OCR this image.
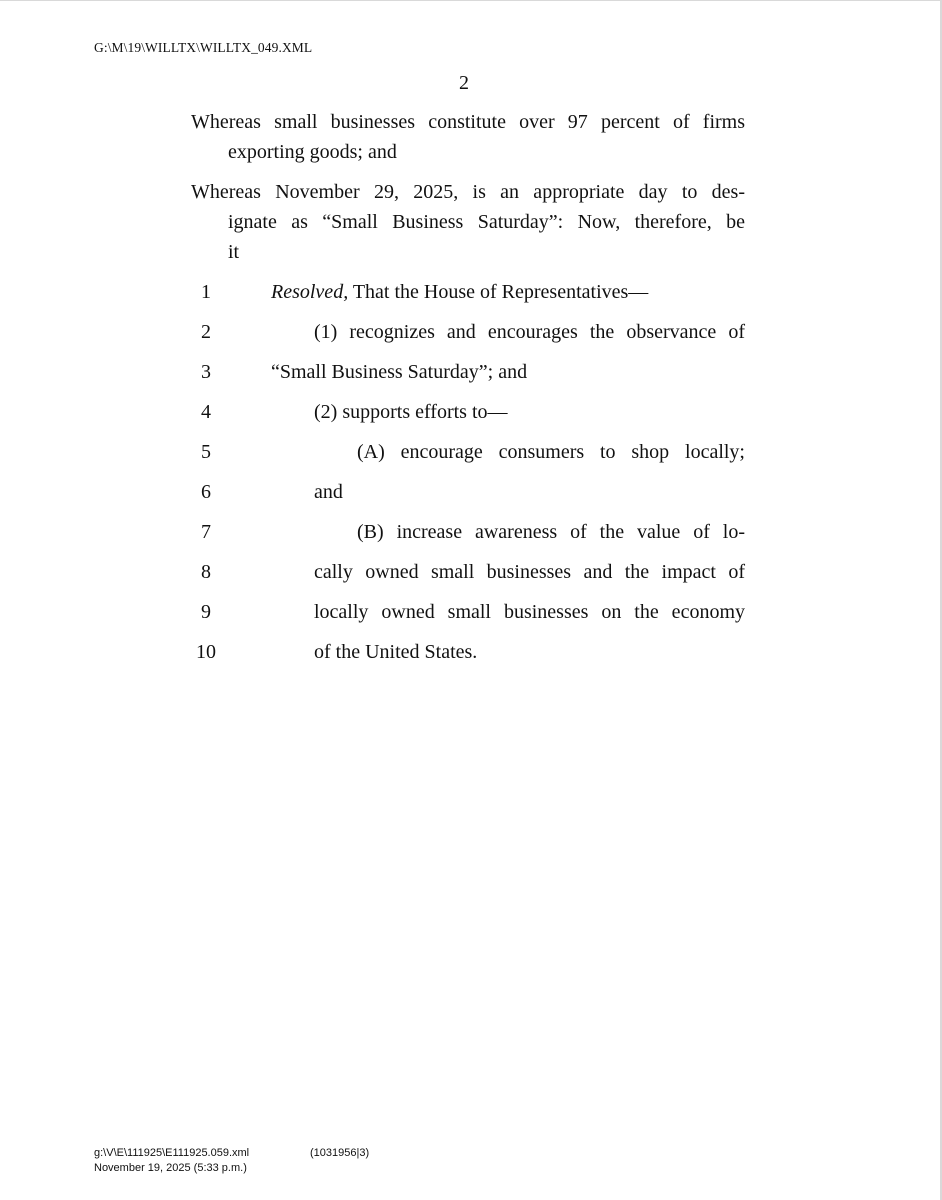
G:\M\19\WILLTX\WILLTX_049.XML
2
Whereas small businesses constitute over 97 percent of firms
exporting goods; and
Whereas November 29, 2025, is an appropriate day to des-
ignate as “Small Business Saturday”: Now, therefore, be
it
1
2
3
4
5
6
7
8
9
10
Resolved, That the House of Representatives—
(1) recognizes and encourages the observance of
“Small Business Saturday”; and
(2) supports efforts to—
(A) encourage consumers to shop locally;
and
(B) increase awareness of the value of lo-
cally owned small businesses and the impact of
locally owned small businesses on the economy
of the United States.
g:\V\E\111925\E111925.059.xml
November 19, 2025 (5:33 p.m.)
(1031956|3)
